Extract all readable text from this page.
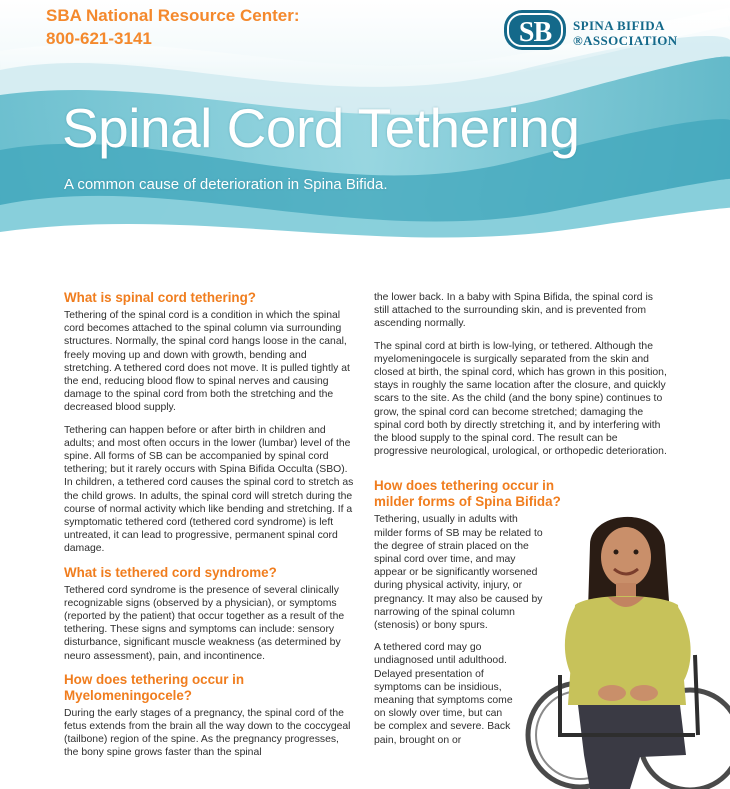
SBA National Resource Center:
800-621-3141	SB SPINA BIFIDA
®ASSOCIATION
Spinal Cord Tethering
A common cause of deterioration in Spina Bifida.
What is spinal cord tethering?

Tethering of the spinal cord is a condition in which the spinal cord becomes attached to the spinal column via surrounding structures. Normally, the spinal cord hangs loose in the canal, freely moving up and down with growth, bending and stretching. A tethered cord does not move. It is pulled tightly at the end, reducing blood flow to spinal nerves and causing damage to the spinal cord from both the stretching and the decreased blood supply.

Tethering can happen before or after birth in children and adults; and most often occurs in the lower (lumbar) level of the spine. All forms of SB can be accompanied by spinal cord tethering; but it rarely occurs with Spina Bifida Occulta (SBO). In children, a tethered cord causes the spinal cord to stretch as the child grows. In adults, the spinal cord will stretch during the course of normal activity which like bending and stretching. If a symptomatic tethered cord (tethered cord syndrome) is left untreated, it can lead to progressive, permanent spinal cord damage.

What is tethered cord syndrome?

Tethered cord syndrome is the presence of several clinically recognizable signs (observed by a physician), or symptoms (reported by the patient) that occur together as a result of the tethering. These signs and symptoms can include: sensory disturbance, significant muscle weakness (as determined by neuro assessment), pain, and incontinence.

How does tethering occur in Myelomeningocele?

During the early stages of a pregnancy, the spinal cord of the fetus extends from the brain all the way down to the coccygeal (tailbone) region of the spine. As the pregnancy progresses, the bony spine grows faster than the spinal

the lower back. In a baby with Spina Bifida, the spinal cord is still attached to the surrounding skin, and is prevented from ascending normally.

The spinal cord at birth is low-lying, or tethered. Although the myelomeningocele is surgically separated from the skin and closed at birth, the spinal cord, which has grown in this position, stays in roughly the same location after the closure, and quickly scars to the site. As the child (and the bony spine) continues to grow, the spinal cord can become stretched; damaging the spinal cord both by directly stretching it, and by interfering with the blood supply to the spinal cord. The result can be progressive neurological, urological, or orthopedic deterioration.

How does tethering occur in milder forms of Spina Bifida?

Tethering, usually in adults with milder forms of SB may be related to the degree of strain placed on the spinal cord over time, and may appear or be significantly worsened during physical activity, injury, or pregnancy. It may also be caused by narrowing of the spinal column (stenosis) or bony spurs.

A tethered cord may go undiagnosed until adulthood. Delayed presentation of symptoms can be insidious, meaning that symptoms come on slowly over time, but can be complex and severe. Back pain, brought on or
